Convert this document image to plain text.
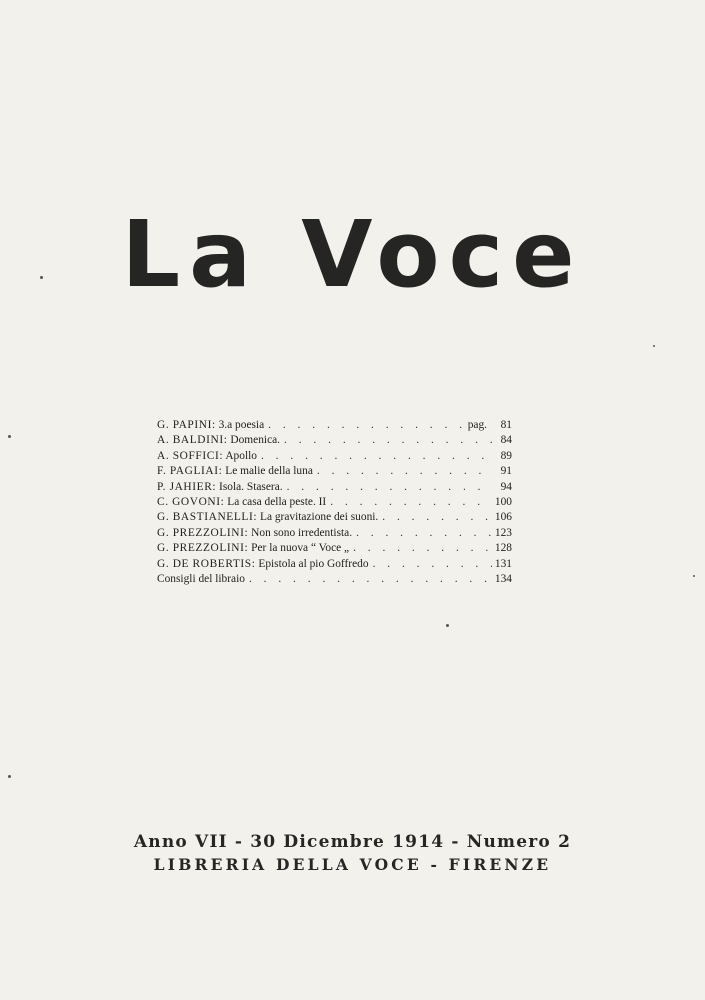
La Voce
G. PAPINI: 3.a poesia . . .	pag.	81
A. BALDINI: Domenica. . . .	84
A. SOFFICI: Apollo . . .	89
F. PAGLIAI: Le malie della luna . . .	91
P. JAHIER: Isola. Stasera. . . .	94
C. GOVONI: La casa della peste. II . . .	100
G. BASTIANELLI: La gravitazione dei suoni. . . .	106
G. PREZZOLINI: Non sono irredentista. . . .	123
G. PREZZOLINI: Per la nuova “ Voce „ . . .	128
G. DE ROBERTIS: Epistola al pio Goffredo . . .	131
Consigli del libraio . . .	134
Anno VII - 30 Dicembre 1914 - Numero 2
LIBRERIA DELLA VOCE - FIRENZE
